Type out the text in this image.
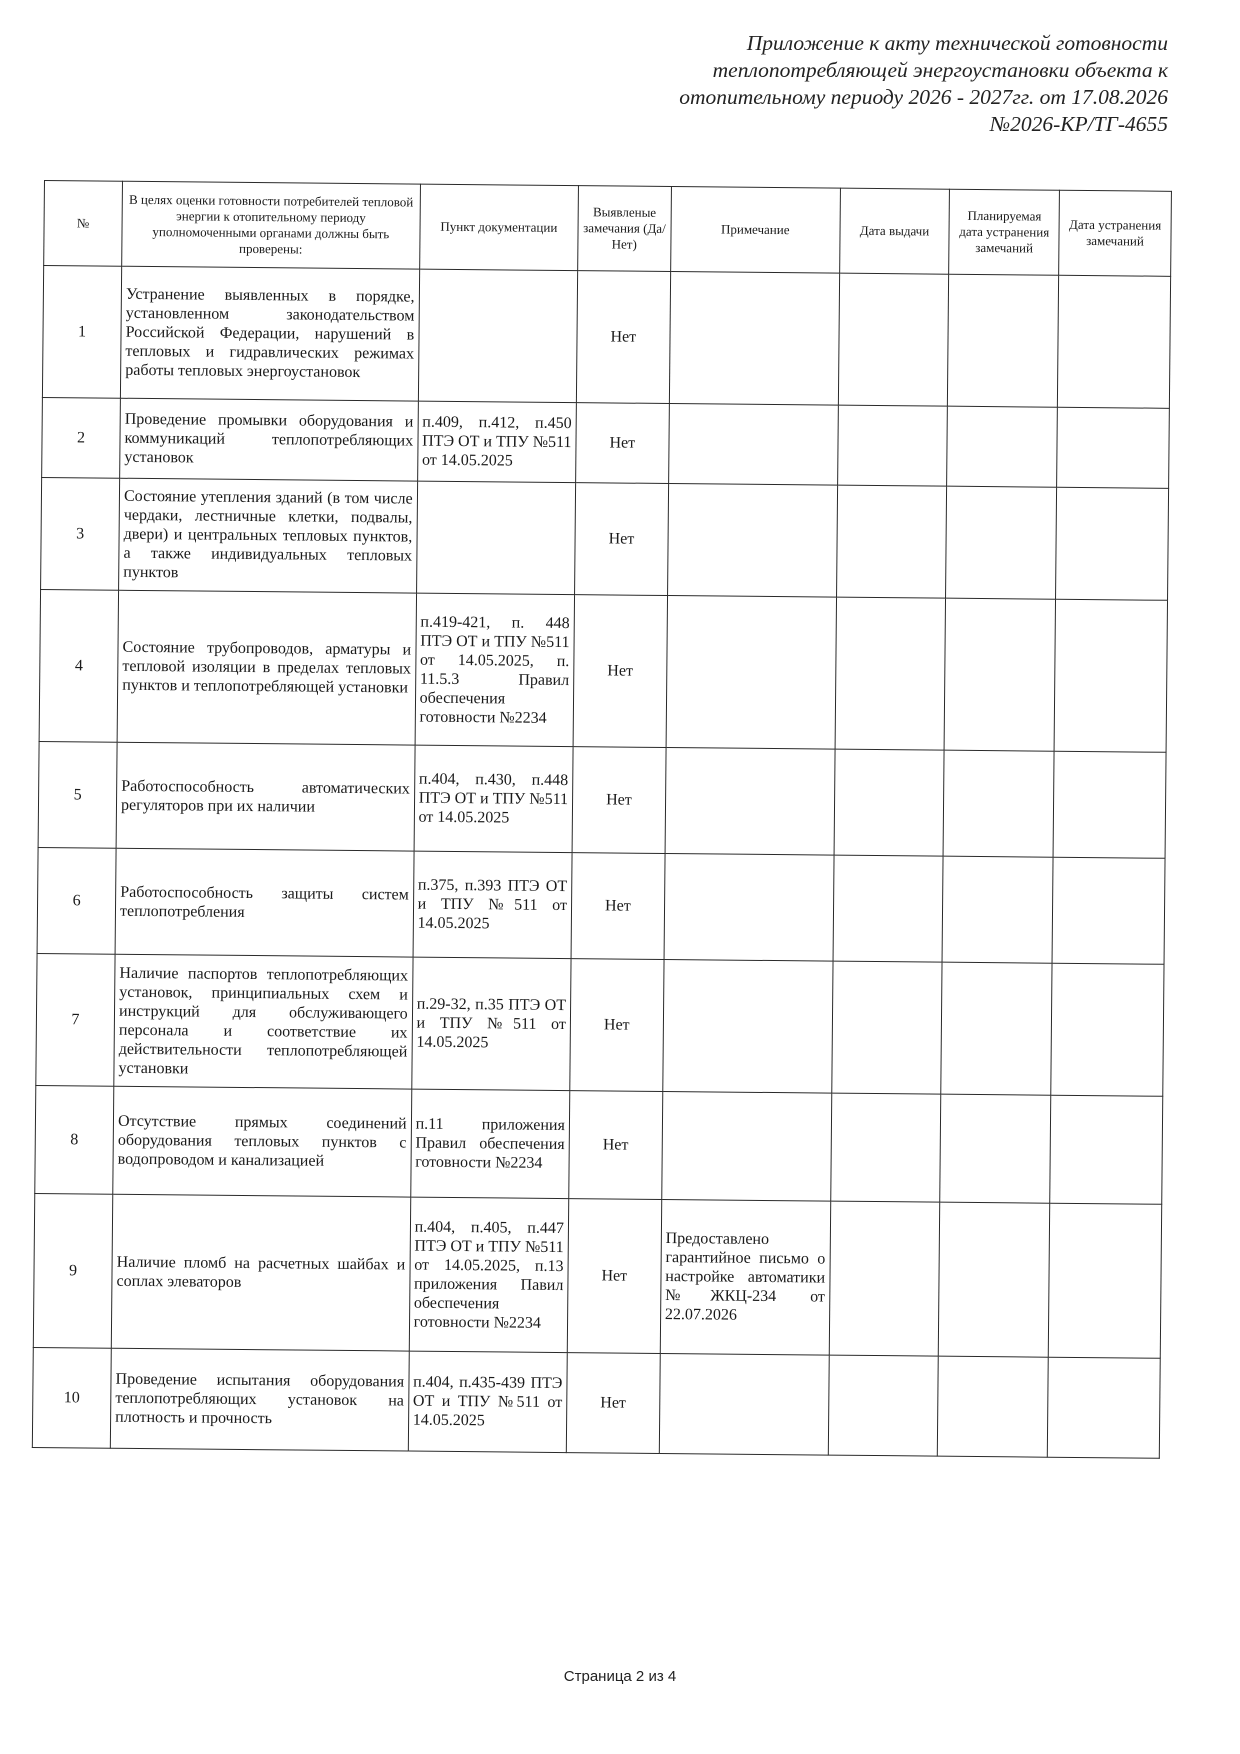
Приложение к акту технической готовности
теплопотребляющей энергоустановки объекта к
отопительному периоду 2026 - 2027гг. от 17.08.2026
№2026-КР/ТГ-4655
№	В целях оценки готовности потребителей тепловой энергии к отопительному периоду уполномоченными органами должны быть проверены:	Пункт документации	Выявленые замечания (Да/Нет)	Примечание	Дата выдачи	Планируемая дата устранения замечаний	Дата устранения замечаний
1	Устранение выявленных в порядке, установленном законодательством Российской Федерации, нарушений в тепловых и гидравлических режимах работы тепловых энергоустановок		Нет				
2	Проведение промывки оборудования и коммуникаций теплопотребляющих установок	п.409, п.412, п.450 ПТЭ ОТ и ТПУ №511 от 14.05.2025	Нет				
3	Состояние утепления зданий (в том числе чердаки, лестничные клетки, подвалы, двери) и центральных тепловых пунктов, а также индивидуальных тепловых пунктов		Нет				
4	Состояние трубопроводов, арматуры и тепловой изоляции в пределах тепловых пунктов и теплопотребляющей установки	п.419-421, п. 448 ПТЭ ОТ и ТПУ №511 от 14.05.2025, п. 11.5.3 Правил обеспечения готовности №2234	Нет				
5	Работоспособность автоматических регуляторов при их наличии	п.404, п.430, п.448 ПТЭ ОТ и ТПУ №511 от 14.05.2025	Нет				
6	Работоспособность защиты систем теплопотребления	п.375, п.393 ПТЭ ОТ и ТПУ №511 от 14.05.2025	Нет				
7	Наличие паспортов теплопотребляющих установок, принципиальных схем и инструкций для обслуживающего персонала и соответствие их действительности теплопотребляющей установки	п.29-32, п.35 ПТЭ ОТ и ТПУ №511 от 14.05.2025	Нет				
8	Отсутствие прямых соединений оборудования тепловых пунктов с водопроводом и канализацией	п.11 приложения Правил обеспечения готовности №2234	Нет				
9	Наличие пломб на расчетных шайбах и соплах элеваторов	п.404, п.405, п.447 ПТЭ ОТ и ТПУ №511 от 14.05.2025, п.13 приложения Павил обеспечения готовности №2234	Нет	Предоставлено гарантийное письмо о настройке автоматики №ЖКЦ-234 от 22.07.2026			
10	Проведение испытания оборудования теплопотребляющих установок на плотность и прочность	п.404, п.435-439 ПТЭ ОТ и ТПУ №511 от 14.05.2025	Нет				
Страница 2 из 4
